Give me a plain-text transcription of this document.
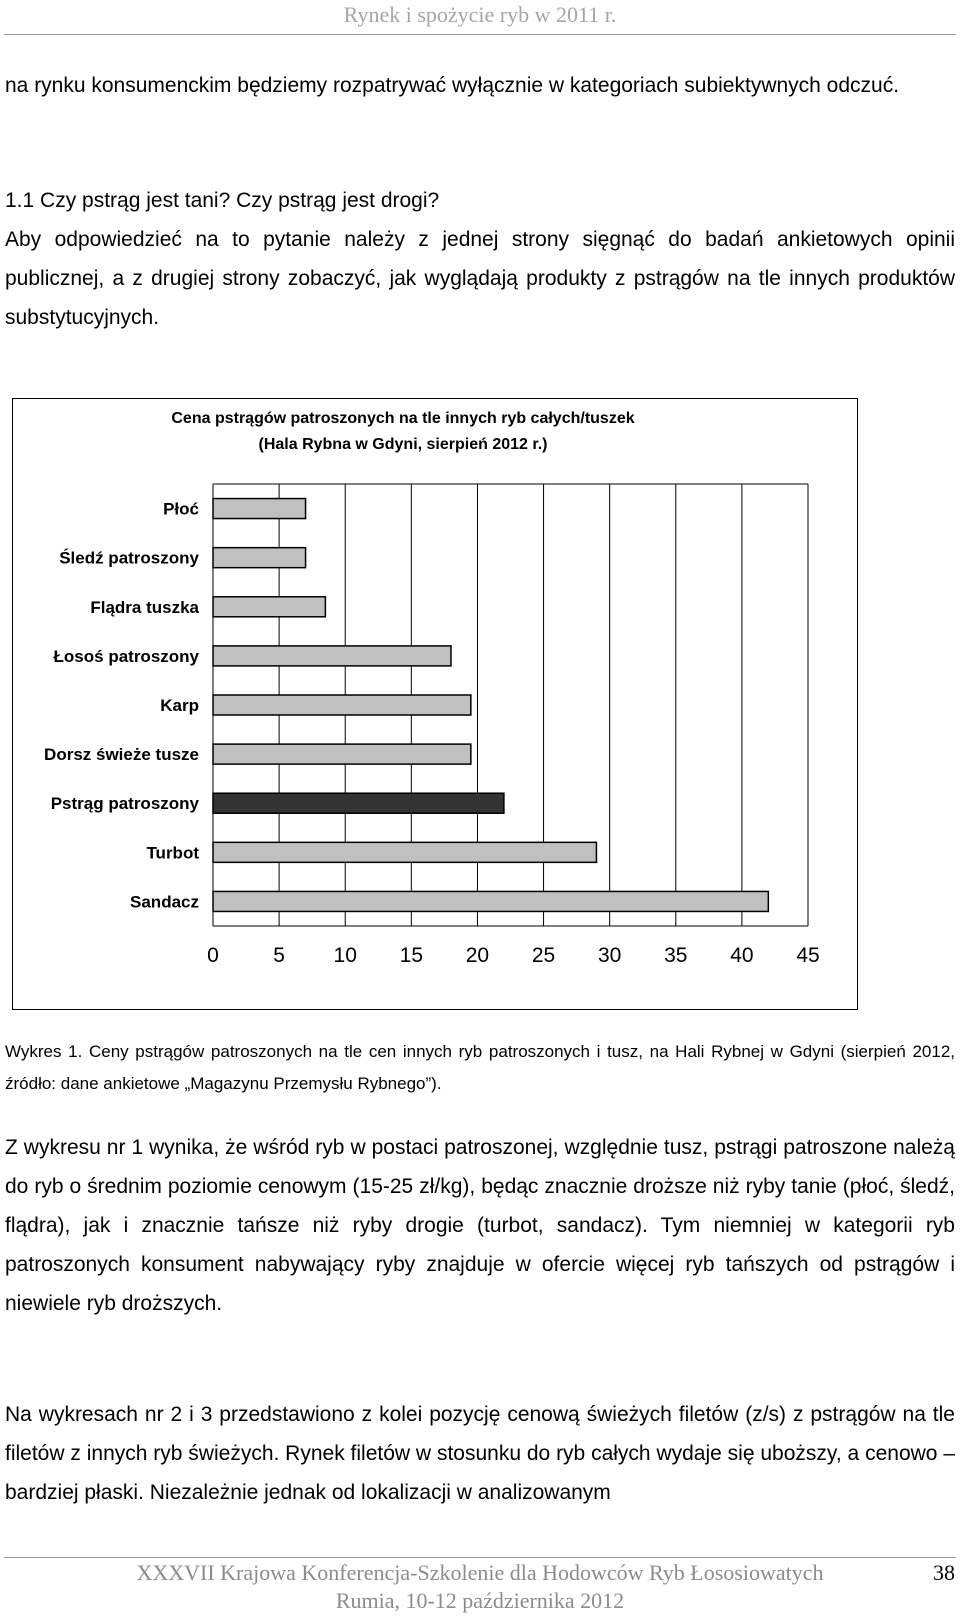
Rynek i spożycie ryb w 2011 r.
na rynku konsumenckim będziemy rozpatrywać wyłącznie w kategoriach subiektywnych odczuć.
1.1 Czy pstrąg jest tani? Czy pstrąg jest drogi?
Aby odpowiedzieć na to pytanie należy z jednej strony sięgnąć do badań ankietowych opinii publicznej, a z drugiej strony zobaczyć, jak wyglądają produkty z pstrągów na tle innych produktów substytucyjnych.
Cena pstrągów patroszonych na tle innych ryb całych/tuszek
(Hala Rybna w Gdyni, sierpień 2012 r.)
0	5 10 15 20 25 30 35 40 45
Płoć
Śledź patroszony
Flądra tuszka
Łosoś patroszony
Karp
Dorsz świeże tusze
Pstrąg patroszony
Turbot
Sandacz
Wykres 1. Ceny pstrągów patroszonych na tle cen innych ryb patroszonych i tusz, na Hali Rybnej w Gdyni (sierpień 2012, źródło: dane ankietowe „Magazynu Przemysłu Rybnego”).
Z wykresu nr 1 wynika, że wśród ryb w postaci patroszonej, względnie tusz, pstrągi patroszone należą do ryb o średnim poziomie cenowym (15-25 zł/kg), będąc znacznie droższe niż ryby tanie (płoć, śledź, flądra), jak i znacznie tańsze niż ryby drogie (turbot, sandacz). Tym niemniej w kategorii ryb patroszonych konsument nabywający ryby znajduje w ofercie więcej ryb tańszych od pstrągów i niewiele ryb droższych.
Na wykresach nr 2 i 3 przedstawiono z kolei pozycję cenową świeżych filetów (z/s) z pstrągów na tle filetów z innych ryb świeżych. Rynek filetów w stosunku do ryb całych wydaje się uboższy, a cenowo – bardziej płaski. Niezależnie jednak od lokalizacji w analizowanym
XXXVII Krajowa Konferencja-Szkolenie dla Hodowców Ryb Łososiowatych
Rumia, 10-12 października 2012
38
